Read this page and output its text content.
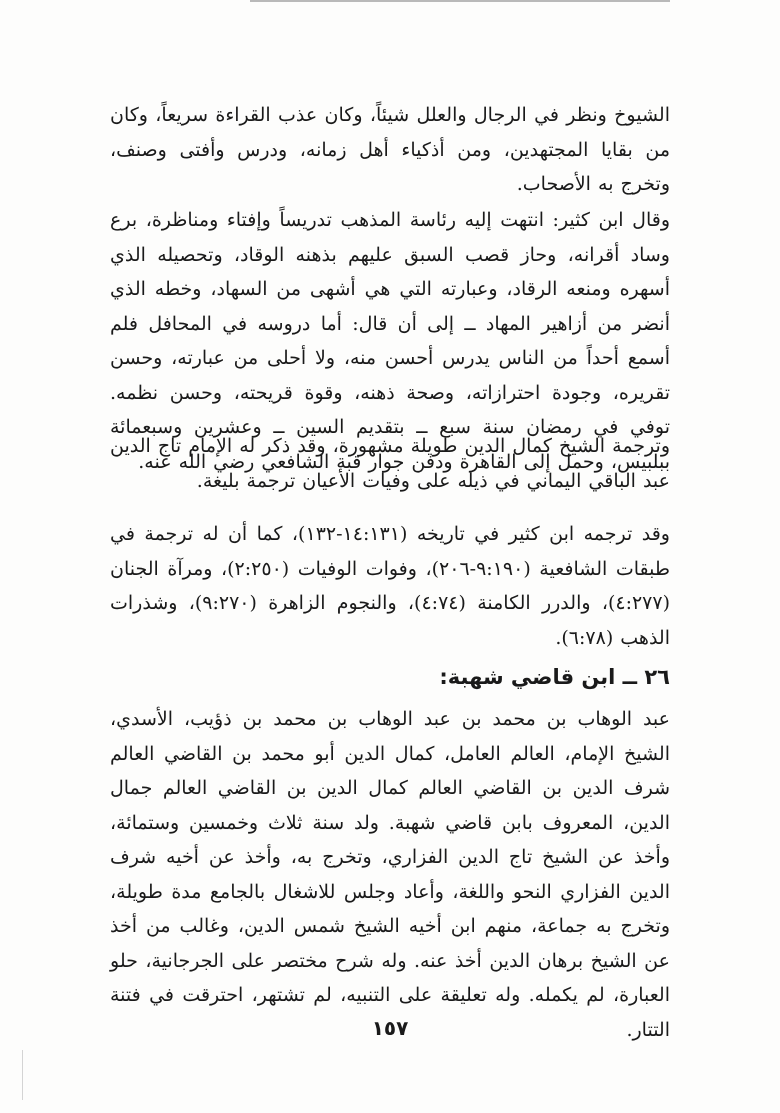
الشيوخ ونظر في الرجال والعلل شيئاً، وكان عذب القراءة سريعاً، وكان من بقايا المجتهدين، ومن أذكياء أهل زمانه، ودرس وأفتى وصنف، وتخرج به الأصحاب.

وقال ابن كثير: انتهت إليه رئاسة المذهب تدريساً وإفتاء ومناظرة، برع وساد أقرانه، وحاز قصب السبق عليهم بذهنه الوقاد، وتحصيله الذي أسهره ومنعه الرقاد، وعبارته التي هي أشهى من السهاد، وخطه الذي أنضر من أزاهير المهاد ــ إلى أن قال: أما دروسه في المحافل فلم أسمع أحداً من الناس يدرس أحسن منه، ولا أحلى من عبارته، وحسن تقريره، وجودة احترازاته، وصحة ذهنه، وقوة قريحته، وحسن نظمه. توفي في رمضان سنة سبع ــ بتقديم السين ــ وعشرين وسبعمائة ببلبيس، وحمل إلى القاهرة ودفن جوار قبة الشافعي رضي الله عنه.

وترجمة الشيخ كمال الدين طويلة مشهورة، وقد ذكر له الإمام تاج الدين عبد الباقي اليماني في ذيله على وفيات الأعيان ترجمة بليغة.

وقد ترجمه ابن كثير في تاريخه (١٤:١٣١-١٣٢)، كما أن له ترجمة في طبقات الشافعية (٩:١٩٠-٢٠٦)، وفوات الوفيات (٢:٢٥٠)، ومرآة الجنان (٤:٢٧٧)، والدرر الكامنة (٤:٧٤)، والنجوم الزاهرة (٩:٢٧٠)، وشذرات الذهب (٦:٧٨).

٢٦ ــ ابن قاضي شهبة:

عبد الوهاب بن محمد بن عبد الوهاب بن محمد بن ذؤيب، الأسدي، الشيخ الإمام، العالم العامل، كمال الدين أبو محمد بن القاضي العالم شرف الدين بن القاضي العالم كمال الدين بن القاضي العالم جمال الدين، المعروف بابن قاضي شهبة. ولد سنة ثلاث وخمسين وستمائة، وأخذ عن الشيخ تاج الدين الفزاري، وتخرج به، وأخذ عن أخيه شرف الدين الفزاري النحو واللغة، وأعاد وجلس للاشغال بالجامع مدة طويلة، وتخرج به جماعة، منهم ابن أخيه الشيخ شمس الدين، وغالب من أخذ عن الشيخ برهان الدين أخذ عنه. وله شرح مختصر على الجرجانية، حلو العبارة، لم يكمله. وله تعليقة على التنبيه، لم تشتهر، احترقت في فتنة التتار.

١٥٧
